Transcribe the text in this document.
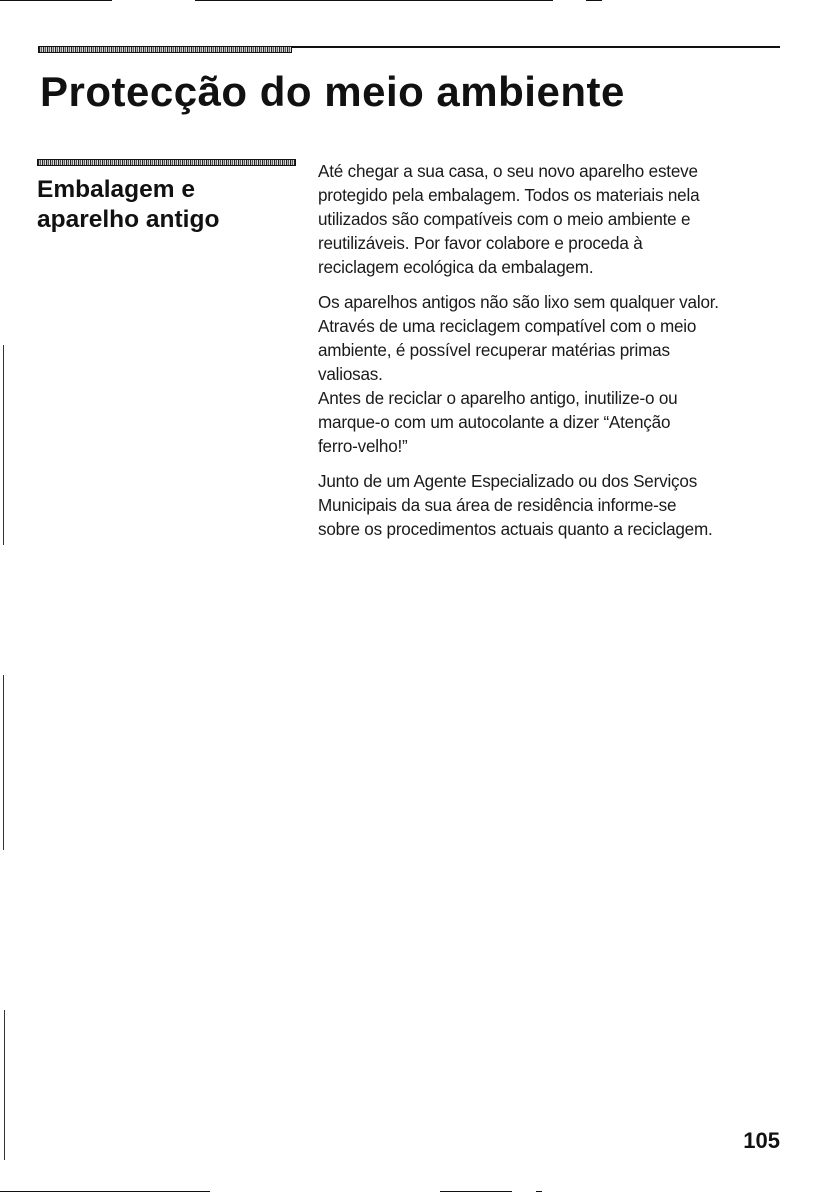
Protecção do meio ambiente
Embalagem e
aparelho antigo

Até chegar a sua casa, o seu novo aparelho esteve
protegido pela embalagem. Todos os materiais nela
utilizados são compatíveis com o meio ambiente e
reutilizáveis. Por favor colabore e proceda à
reciclagem ecológica da embalagem.

Os aparelhos antigos não são lixo sem qualquer valor.
Através de uma reciclagem compatível com o meio
ambiente, é possível recuperar matérias primas
valiosas.

Antes de reciclar o aparelho antigo, inutilize-o ou
marque-o com um autocolante a dizer “Atenção
ferro-velho!”

Junto de um Agente Especializado ou dos Serviços
Municipais da sua área de residência informe-se
sobre os procedimentos actuais quanto a reciclagem.

105
